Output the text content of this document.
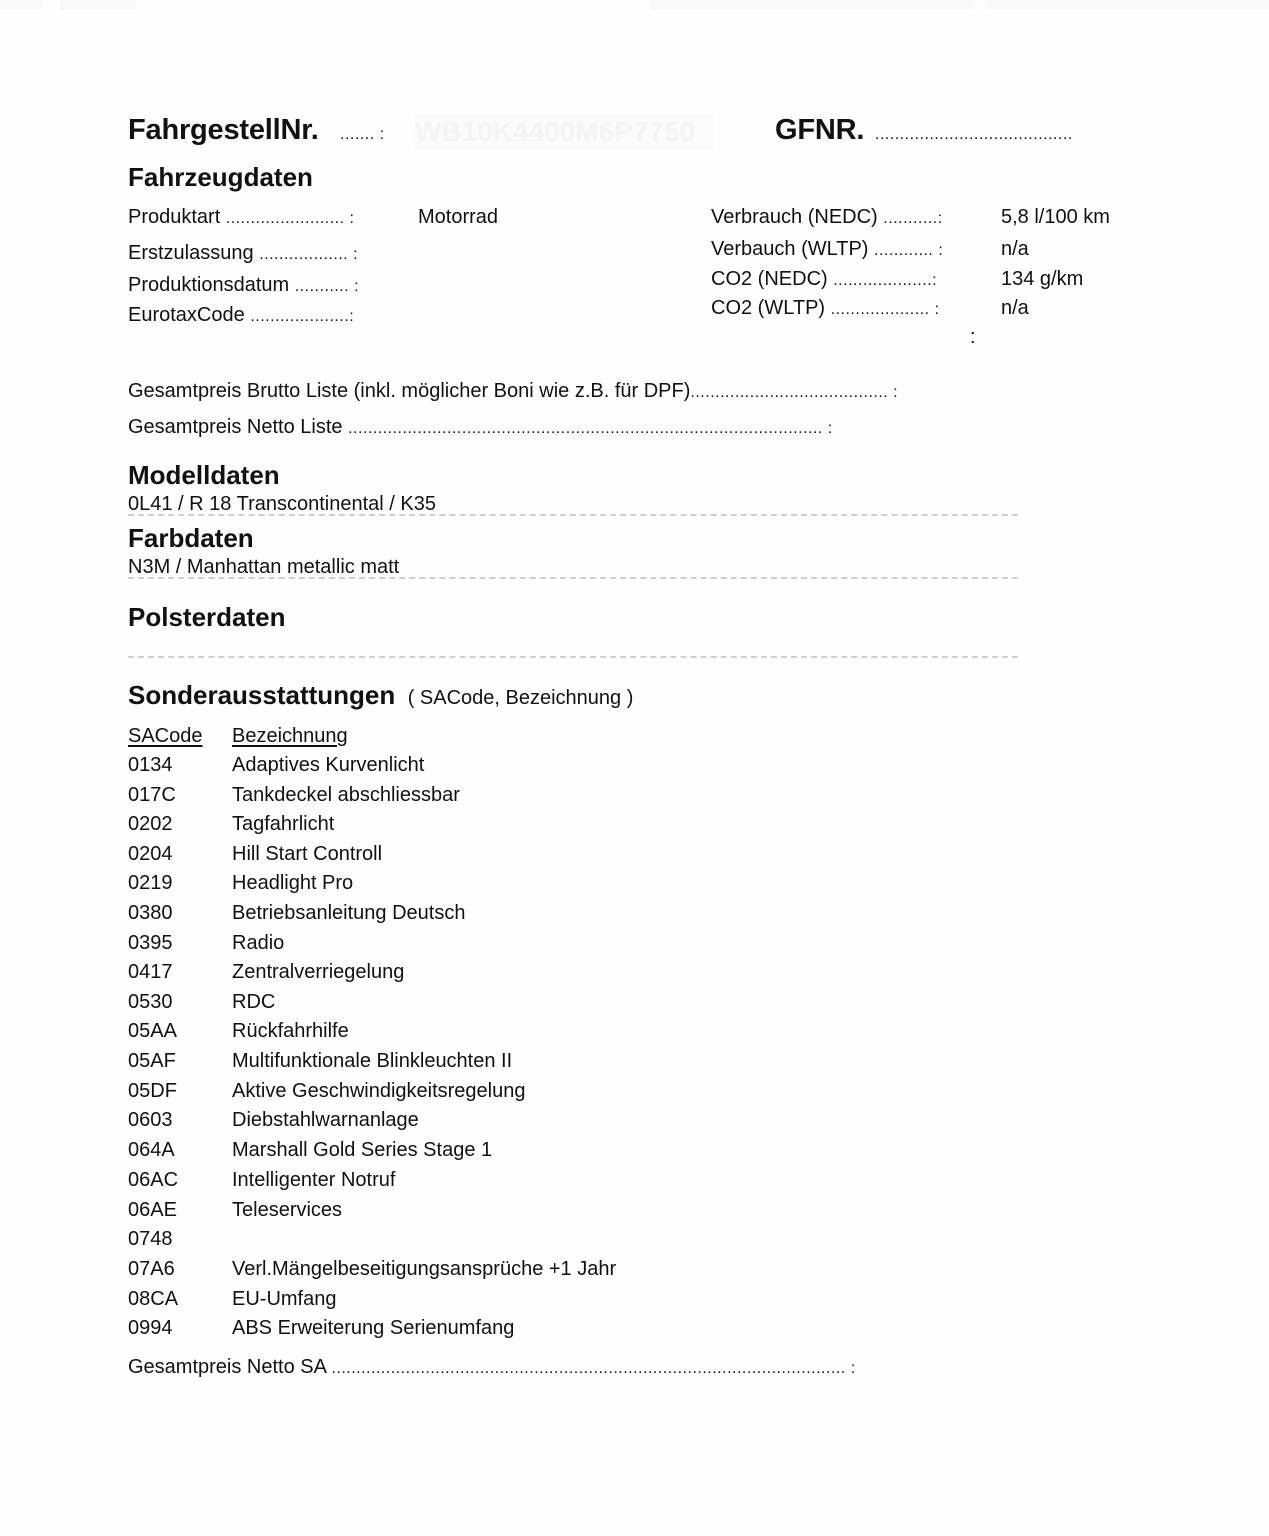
FahrgestellNr. ....... : WB10K4400M6P7750	GFNR. ........................................
Fahrzeugdaten
Produktart ........................ :	Motorrad
Erstzulassung .................. :
Produktionsdatum ........... :
EurotaxCode ....................:
Verbrauch (NEDC) ...........:	5,8 l/100 km
Verbauch (WLTP) ............ :	n/a
CO2 (NEDC) ....................:	134 g/km
CO2 (WLTP) .................... :	n/a
:
Gesamtpreis Brutto Liste (inkl. möglicher Boni wie z.B. für DPF)........................................ :
Gesamtpreis Netto Liste ................................................................................................ :
Modelldaten
0L41 / R 18 Transcontinental / K35
Farbdaten
N3M / Manhattan metallic matt
Polsterdaten
Sonderausstattungen ( SACode, Bezeichnung )
SACode Bezeichnung
0134	Adaptives Kurvenlicht
017C	Tankdeckel abschliessbar
0202	Tagfahrlicht
0204	Hill Start Controll
0219	Headlight Pro
0380	Betriebsanleitung Deutsch
0395	Radio
0417	Zentralverriegelung
0530	RDC
05AA	Rückfahrhilfe
05AF	Multifunktionale Blinkleuchten II
05DF	Aktive Geschwindigkeitsregelung
0603	Diebstahlwarnanlage
064A	Marshall Gold Series Stage 1
06AC	Intelligenter Notruf
06AE	Teleservices
0748
07A6	Verl.Mängelbeseitigungsansprüche +1 Jahr
08CA	EU-Umfang
0994	ABS Erweiterung Serienumfang
Gesamtpreis Netto SA ........................................................................................................ :
